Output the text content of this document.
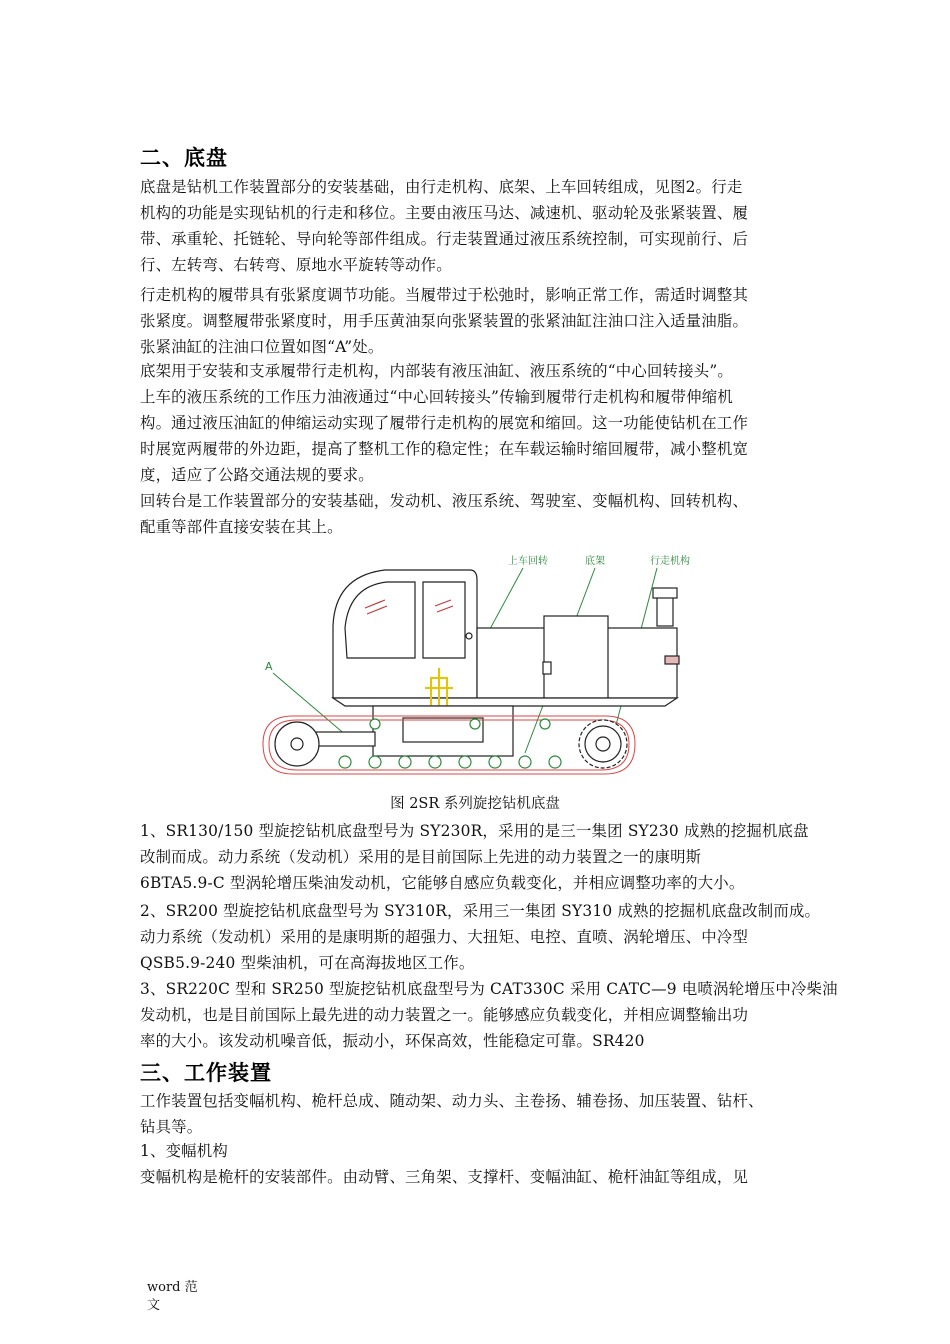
二、底盘

底盘是钻机工作装置部分的安装基础，由行走机构、底架、上车回转组成，见图2。行走

机构的功能是实现钻机的行走和移位。主要由液压马达、减速机、驱动轮及张紧装置、履

带、承重轮、托链轮、导向轮等部件组成。行走装置通过液压系统控制，可实现前行、后

行、左转弯、右转弯、原地水平旋转等动作。

行走机构的履带具有张紧度调节功能。当履带过于松弛时，影响正常工作，需适时调整其

张紧度。调整履带张紧度时，用手压黄油泵向张紧装置的张紧油缸注油口注入适量油脂。

张紧油缸的注油口位置如图“A”处。

底架用于安装和支承履带行走机构，内部装有液压油缸、液压系统的“中心回转接头”。

上车的液压系统的工作压力油液通过“中心回转接头”传输到履带行走机构和履带伸缩机

构。通过液压油缸的伸缩运动实现了履带行走机构的展宽和缩回。这一功能使钻机在工作

时展宽两履带的外边距，提高了整机工作的稳定性；在车载运输时缩回履带，减小整机宽

度，适应了公路交通法规的要求。

回转台是工作装置部分的安装基础，发动机、液压系统、驾驶室、变幅机构、回转机构、

配重等部件直接安装在其上。

A
上车回转	底架	行走机构
图 2SR 系列旋挖钻机底盘

1、SR130/150 型旋挖钻机底盘型号为 SY230R，采用的是三一集团 SY230 成熟的挖掘机底盘

改制而成。动力系统（发动机）采用的是目前国际上先进的动力装置之一的康明斯

6BTA5.9-C 型涡轮增压柴油发动机，它能够自感应负载变化，并相应调整功率的大小。

2、SR200 型旋挖钻机底盘型号为 SY310R，采用三一集团 SY310 成熟的挖掘机底盘改制而成。

动力系统（发动机）采用的是康明斯的超强力、大扭矩、电控、直喷、涡轮增压、中冷型

QSB5.9-240 型柴油机，可在高海拔地区工作。

3、SR220C 型和 SR250 型旋挖钻机底盘型号为 CAT330C 采用 CATC—9 电喷涡轮增压中冷柴油

发动机，也是目前国际上最先进的动力装置之一。能够感应负载变化，并相应调整输出功

率的大小。该发动机噪音低，振动小，环保高效，性能稳定可靠。SR420

三、工作装置

工作装置包括变幅机构、桅杆总成、随动架、动力头、主卷扬、辅卷扬、加压装置、钻杆、

钻具等。

1、变幅机构

变幅机构是桅杆的安装部件。由动臂、三角架、支撑杆、变幅油缸、桅杆油缸等组成，见

word 范
文
